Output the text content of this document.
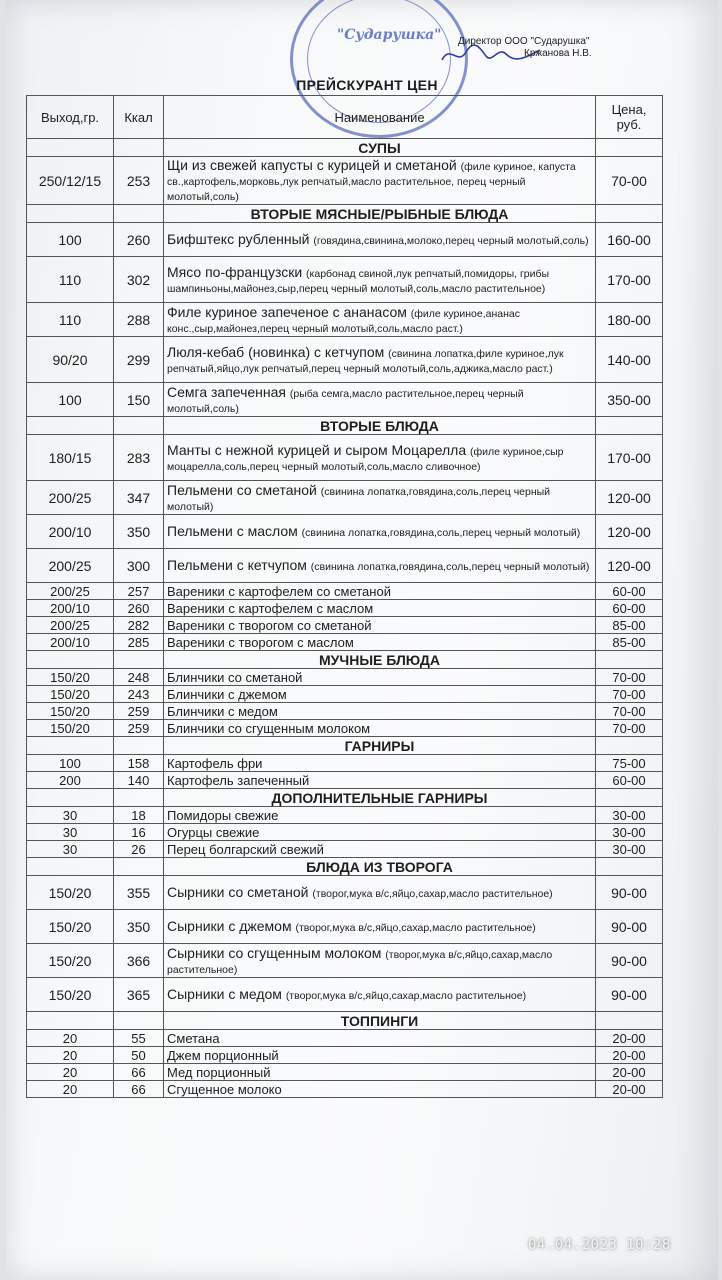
"Сударушка" Директор ООО "Сударушка"
Кржанова Н.В.
ПРЕЙСКУРАНТ ЦЕН
Выход,гр.	Ккал	Наименование	Цена, руб.
		СУПЫ	
250/12/15	253	Щи из свежей капусты с курицей и сметаной (филе куриное, капуста св.,картофель,морковь,лук репчатый,масло растительное, перец черный молотый,соль)	70-00
		ВТОРЫЕ МЯСНЫЕ/РЫБНЫЕ БЛЮДА	
100	260	Бифштекс рубленный (говядина,свинина,молоко,перец черный молотый,соль)	160-00
110	302	Мясо по-французски (карбонад свиной,лук репчатый,помидоры, грибы шампиньоны,майонез,сыр,перец черный молотый,соль,масло растительное)	170-00
110	288	Филе куриное запеченое с ананасом (филе куриное,ананас конс.,сыр,майонез,перец черный молотый,соль,масло раст.)	180-00
90/20	299	Люля-кебаб (новинка) с кетчупом (свинина лопатка,филе куриное,лук репчатый,яйцо,лук репчатый,перец черный молотый,соль,аджика,масло раст.)	140-00
100	150	Семга запеченная (рыба семга,масло растительное,перец черный молотый,соль)	350-00
		ВТОРЫЕ БЛЮДА	
180/15	283	Манты с нежной курицей и сыром Моцарелла (филе куриное,сыр моцарелла,соль,перец черный молотый,соль,масло сливочное)	170-00
200/25	347	Пельмени со сметаной (свинина лопатка,говядина,соль,перец черный молотый)	120-00
200/10	350	Пельмени с маслом (свинина лопатка,говядина,соль,перец черный молотый)	120-00
200/25	300	Пельмени с кетчупом (свинина лопатка,говядина,соль,перец черный молотый)	120-00
200/25	257	Вареники с картофелем со сметаной	60-00
200/10	260	Вареники с картофелем с маслом	60-00
200/25	282	Вареники с творогом со сметаной	85-00
200/10	285	Вареники с творогом с маслом	85-00
		МУЧНЫЕ БЛЮДА	
150/20	248	Блинчики со сметаной	70-00
150/20	243	Блинчики с джемом	70-00
150/20	259	Блинчики с медом	70-00
150/20	259	Блинчики со сгущенным молоком	70-00
		ГАРНИРЫ	
100	158	Картофель фри	75-00
200	140	Картофель запеченный	60-00
		ДОПОЛНИТЕЛЬНЫЕ ГАРНИРЫ	
30	18	Помидоры свежие	30-00
30	16	Огурцы свежие	30-00
30	26	Перец болгарский свежий	30-00
		БЛЮДА ИЗ ТВОРОГА	
150/20	355	Сырники со сметаной (творог,мука в/с,яйцо,сахар,масло растительное)	90-00
150/20	350	Сырники с джемом (творог,мука в/с,яйцо,сахар,масло растительное)	90-00
150/20	366	Сырники со сгущенным молоком (творог,мука в/с,яйцо,сахар,масло растительное)	90-00
150/20	365	Сырники с медом (творог,мука в/с,яйцо,сахар,масло растительное)	90-00
		ТОППИНГИ	
20	55	Сметана	20-00
20	50	Джем порционный	20-00
20	66	Мед порционный	20-00
20	66	Сгущенное молоко	20-00
04.04.2023 10:28
